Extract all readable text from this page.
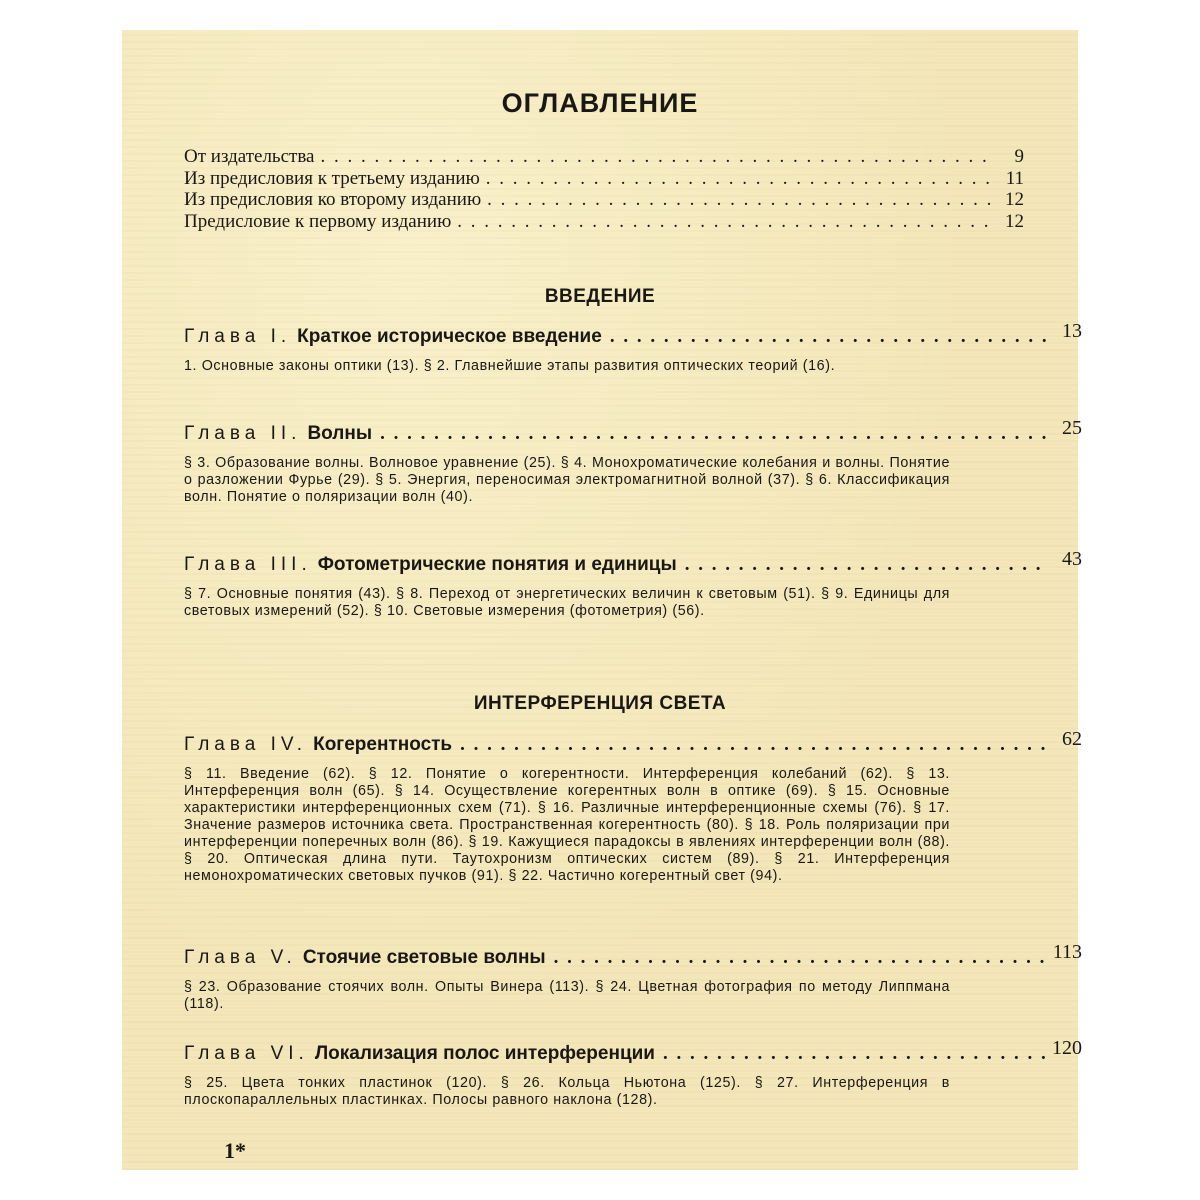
ОГЛАВЛЕНИЕ
От издательства . . .	9
Из предисловия к третьему изданию . . .	11
Из предисловия ко второму изданию . . .	12
Предисловие к первому изданию . . .	12
ВВЕДЕНИЕ
Глава I. Краткое историческое введение . . .	13
1. Основные законы оптики (13). § 2. Главнейшие этапы развития оптических теорий (16).
Глава II. Волны . . .	25
§ 3. Образование волны. Волновое уравнение (25). § 4. Монохроматические колебания и волны. Понятие о разложении Фурье (29). § 5. Энергия, переносимая электромагнитной волной (37). § 6. Классификация волн. Понятие о поляризации волн (40).
Глава III. Фотометрические понятия и единицы . . .	43
§ 7. Основные понятия (43). § 8. Переход от энергетических величин к световым (51). § 9. Единицы для световых измерений (52). § 10. Световые измерения (фотометрия) (56).
ИНТЕРФЕРЕНЦИЯ СВЕТА
Глава IV. Когерентность . . .	62
§ 11. Введение (62). § 12. Понятие о когерентности. Интерференция колебаний (62). § 13. Интерференция волн (65). § 14. Осуществление когерентных волн в оптике (69). § 15. Основные характеристики интерференционных схем (71). § 16. Различные интерференционные схемы (76). § 17. Значение размеров источника света. Пространственная когерентность (80). § 18. Роль поляризации при интерференции поперечных волн (86). § 19. Кажущиеся парадоксы в явлениях интерференции волн (88). § 20. Оптическая длина пути. Таутохронизм оптических систем (89). § 21. Интерференция немонохроматических световых пучков (91). § 22. Частично когерентный свет (94).
Глава V. Стоячие световые волны . . .	113
§ 23. Образование стоячих волн. Опыты Винера (113). § 24. Цветная фотография по методу Липпмана (118).
Глава VI. Локализация полос интерференции . . .	120
§ 25. Цвета тонких пластинок (120). § 26. Кольца Ньютона (125). § 27. Интерференция в плоскопараллельных пластинках. Полосы равного наклона (128).
1*
